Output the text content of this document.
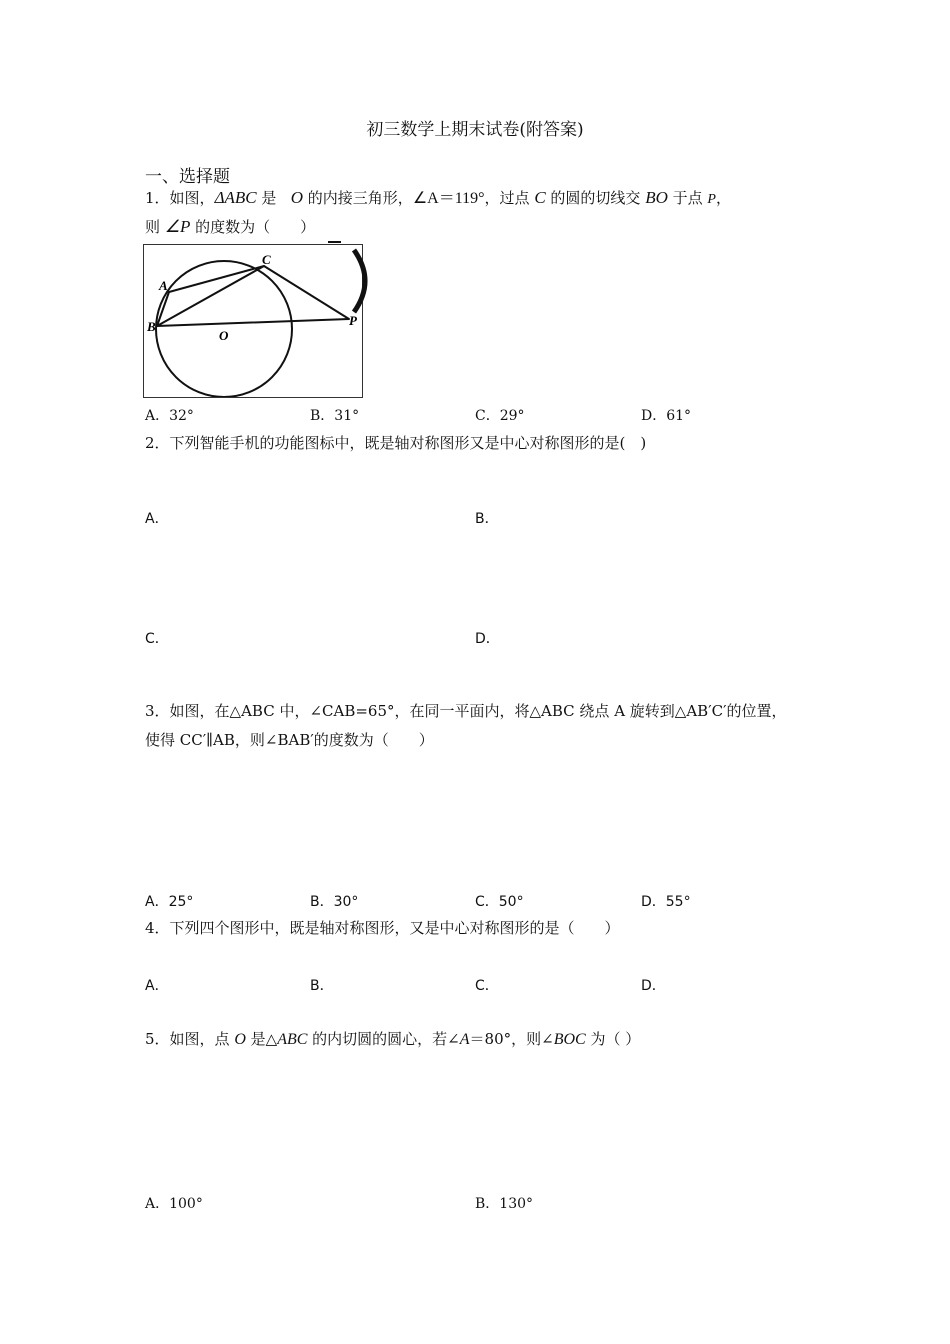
初三数学上期末试卷(附答案)
一、选择题
1．如图，ΔABC 是   O 的内接三角形，∠A＝119°，过点 C 的圆的切线交 BO 于点 P，
则 ∠P 的度数为（　　）
A
B
C
O
P
A．32°	B．31°	C．29°	D．61°
2．下列智能手机的功能图标中，既是轴对称图形又是中心对称图形的是(　)
A．	B．
C．	D．
3．如图，在△ABC 中，∠CAB=65°，在同一平面内，将△ABC 绕点 A 旋转到△AB′C′的位置，
使得 CC′∥AB，则∠BAB′的度数为（　　）
A．25°	B．30°	C．50°	D．55°
4．下列四个图形中，既是轴对称图形，又是中心对称图形的是（　　）
A．	B．	C．	D．
5．如图，点 O 是△ABC 的内切圆的圆心，若∠A＝80°，则∠BOC 为（ ）
A．100°	B．130°
